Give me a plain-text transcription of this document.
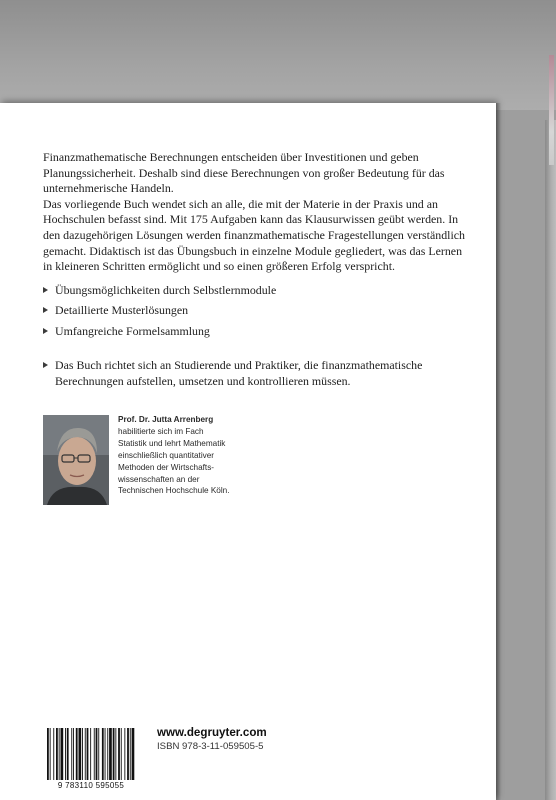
Finanzmathematische Berechnungen entscheiden über Investitionen und geben Planungssicherheit. Deshalb sind diese Berechnungen von großer Bedeutung für das unternehmerische Handeln.

Das vorliegende Buch wendet sich an alle, die mit der Materie in der Praxis und an Hochschulen befasst sind. Mit 175 Aufgaben kann das Klausurwissen geübt werden. In den dazugehörigen Lösungen werden finanzmathematische Fragestellungen verständlich gemacht. Didaktisch ist das Übungsbuch in einzelne Module gegliedert, was das Lernen in kleineren Schritten ermöglicht und so einen größeren Erfolg verspricht.

Übungsmöglichkeiten durch Selbstlernmodule
Detaillierte Musterlösungen
Umfangreiche Formelsammlung
Das Buch richtet sich an Studierende und Praktiker, die finanzmathematische Berechnungen aufstellen, umsetzen und kontrollieren müssen.
Prof. Dr. Jutta Arrenberg
habilitierte sich im Fach
Statistik und lehrt Mathematik
einschließlich quantitativer
Methoden der Wirtschafts-
wissenschaften an der
Technischen Hochschule Köln.
9 783110 595055
www.degruyter.com
ISBN 978-3-11-059505-5
